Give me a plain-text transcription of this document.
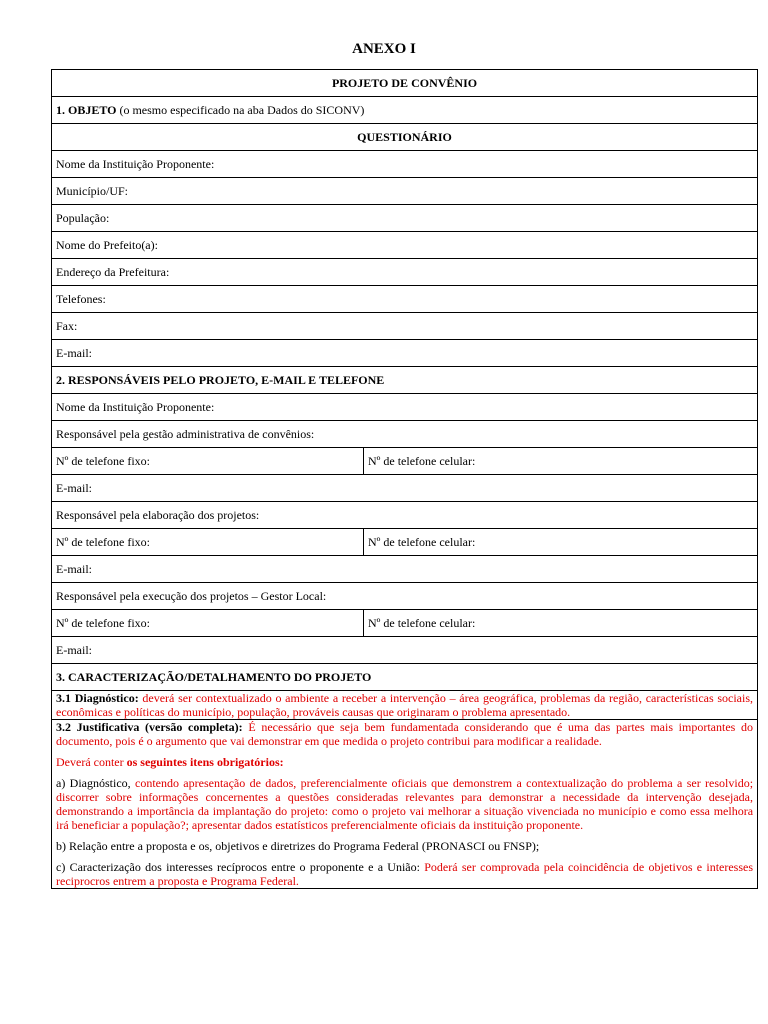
ANEXO I
PROJETO DE CONVÊNIO	
1. OBJETO (o mesmo especificado na aba Dados do SICONV)	
QUESTIONÁRIO	
Nome da Instituição Proponente:	
Município/UF:	
População:	
Nome do Prefeito(a):	
Endereço da Prefeitura:	
Telefones:	
Fax:	
E-mail:	
2. RESPONSÁVEIS PELO PROJETO, E-MAIL E TELEFONE	
Nome da Instituição Proponente:	
Responsável pela gestão administrativa de convênios:	
Nº de telefone fixo:	Nº de telefone celular:
E-mail:	
Responsável pela elaboração dos projetos:	
Nº de telefone fixo:	Nº de telefone celular:
E-mail:	
Responsável pela execução dos projetos – Gestor Local:	
Nº de telefone fixo:	Nº de telefone celular:
E-mail:	
3. CARACTERIZAÇÃO/DETALHAMENTO DO PROJETO	
3.1 Diagnóstico: deverá ser contextualizado o ambiente a receber a intervenção – área geográfica, problemas da região, características sociais, econômicas e políticas do município, população, prováveis causas que originaram o problema apresentado.	

3.2 Justificativa (versão completa): É necessário que seja bem fundamentada considerando que é uma das partes mais importantes do documento, pois é o argumento que vai demonstrar em que medida o projeto contribui para modificar a realidade.

Deverá conter os seguintes itens obrigatórios:

a) Diagnóstico, contendo apresentação de dados, preferencialmente oficiais que demonstrem a contextualização do problema a ser resolvido; discorrer sobre informações concernentes a questões consideradas relevantes para demonstrar a necessidade da intervenção desejada, demonstrando a importância da implantação do projeto: como o projeto vai melhorar a situação vivenciada no município e como essa melhora irá beneficiar a população?; apresentar dados estatísticos preferencialmente oficiais da instituição proponente.

b) Relação entre a proposta e os, objetivos e diretrizes do Programa Federal (PRONASCI ou FNSP);

c) Caracterização dos interesses recíprocos entre o proponente e a União: Poderá ser comprovada pela coincidência de objetivos e interesses reciprocros entrem a proposta e Programa Federal.	
